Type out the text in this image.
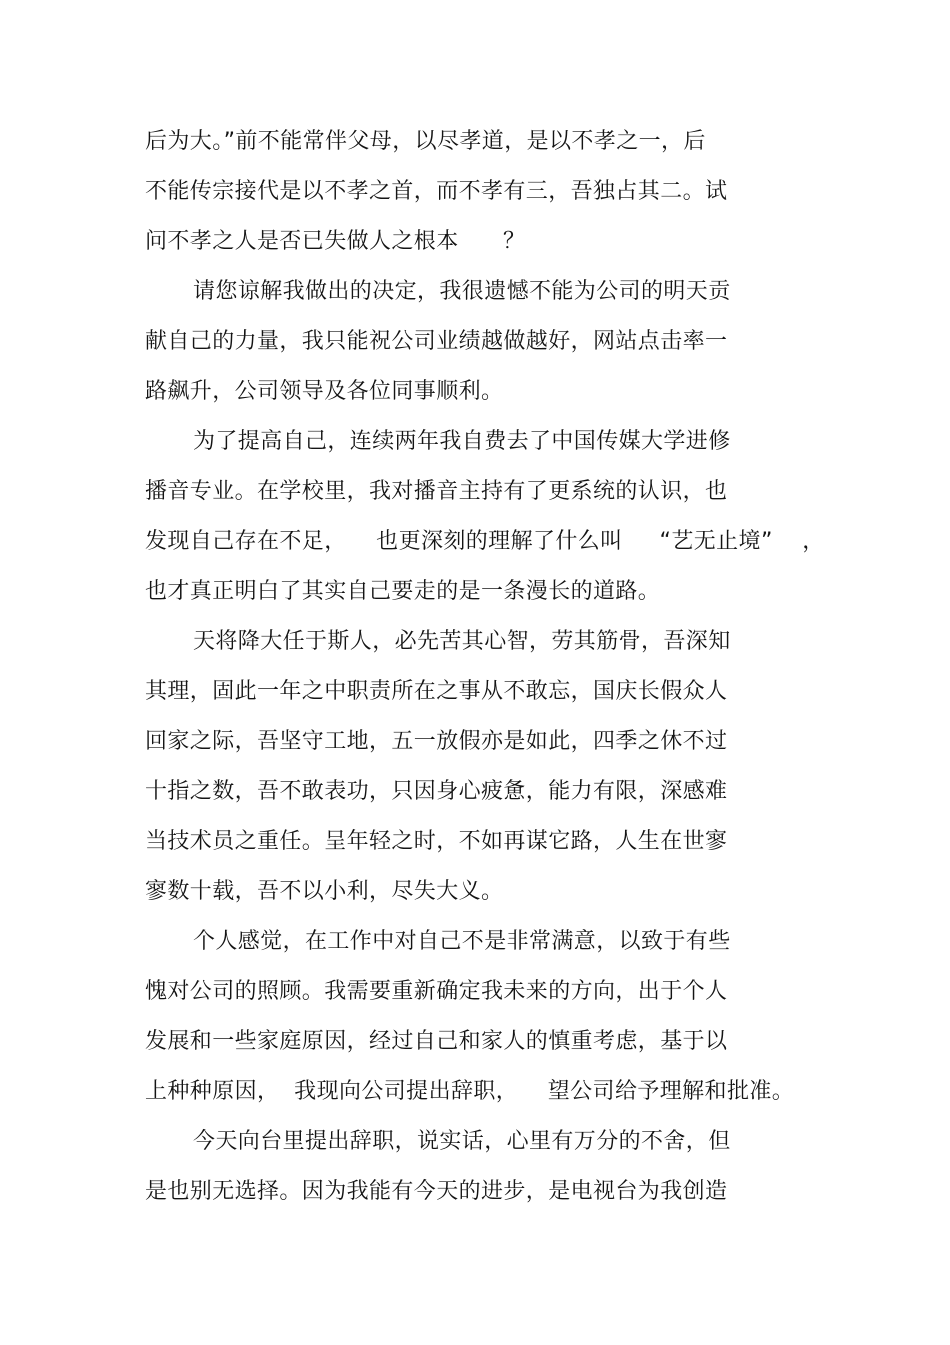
后为大。”前不能常伴父母，以尽孝道，是以不孝之一，后
不能传宗接代是以不孝之首，而不孝有三，吾独占其二。试
问不孝之人是否已失做人之根本      ？
请您谅解我做出的决定，我很遗憾不能为公司的明天贡
献自己的力量，我只能祝公司业绩越做越好，网站点击率一
路飙升，公司领导及各位同事顺利。
为了提高自己，连续两年我自费去了中国传媒大学进修
播音专业。在学校里，我对播音主持有了更系统的认识，也
发现自己存在不足，    也更深刻的理解了什么叫     “艺无止境”    ，
也才真正明白了其实自己要走的是一条漫长的道路。
天将降大任于斯人，必先苦其心智，劳其筋骨，吾深知
其理，固此一年之中职责所在之事从不敢忘，国庆长假众人
回家之际，吾坚守工地，五一放假亦是如此，四季之休不过
十指之数，吾不敢表功，只因身心疲惫，能力有限，深感难
当技术员之重任。呈年轻之时，不如再谋它路，人生在世寥
寥数十载，吾不以小利，尽失大义。
个人感觉，在工作中对自己不是非常满意，以致于有些
愧对公司的照顾。我需要重新确定我未来的方向，出于个人
发展和一些家庭原因，经过自己和家人的慎重考虑，基于以
上种种原因，  我现向公司提出辞职，    望公司给予理解和批准。
今天向台里提出辞职，说实话，心里有万分的不舍，但
是也别无选择。因为我能有今天的进步，是电视台为我创造
